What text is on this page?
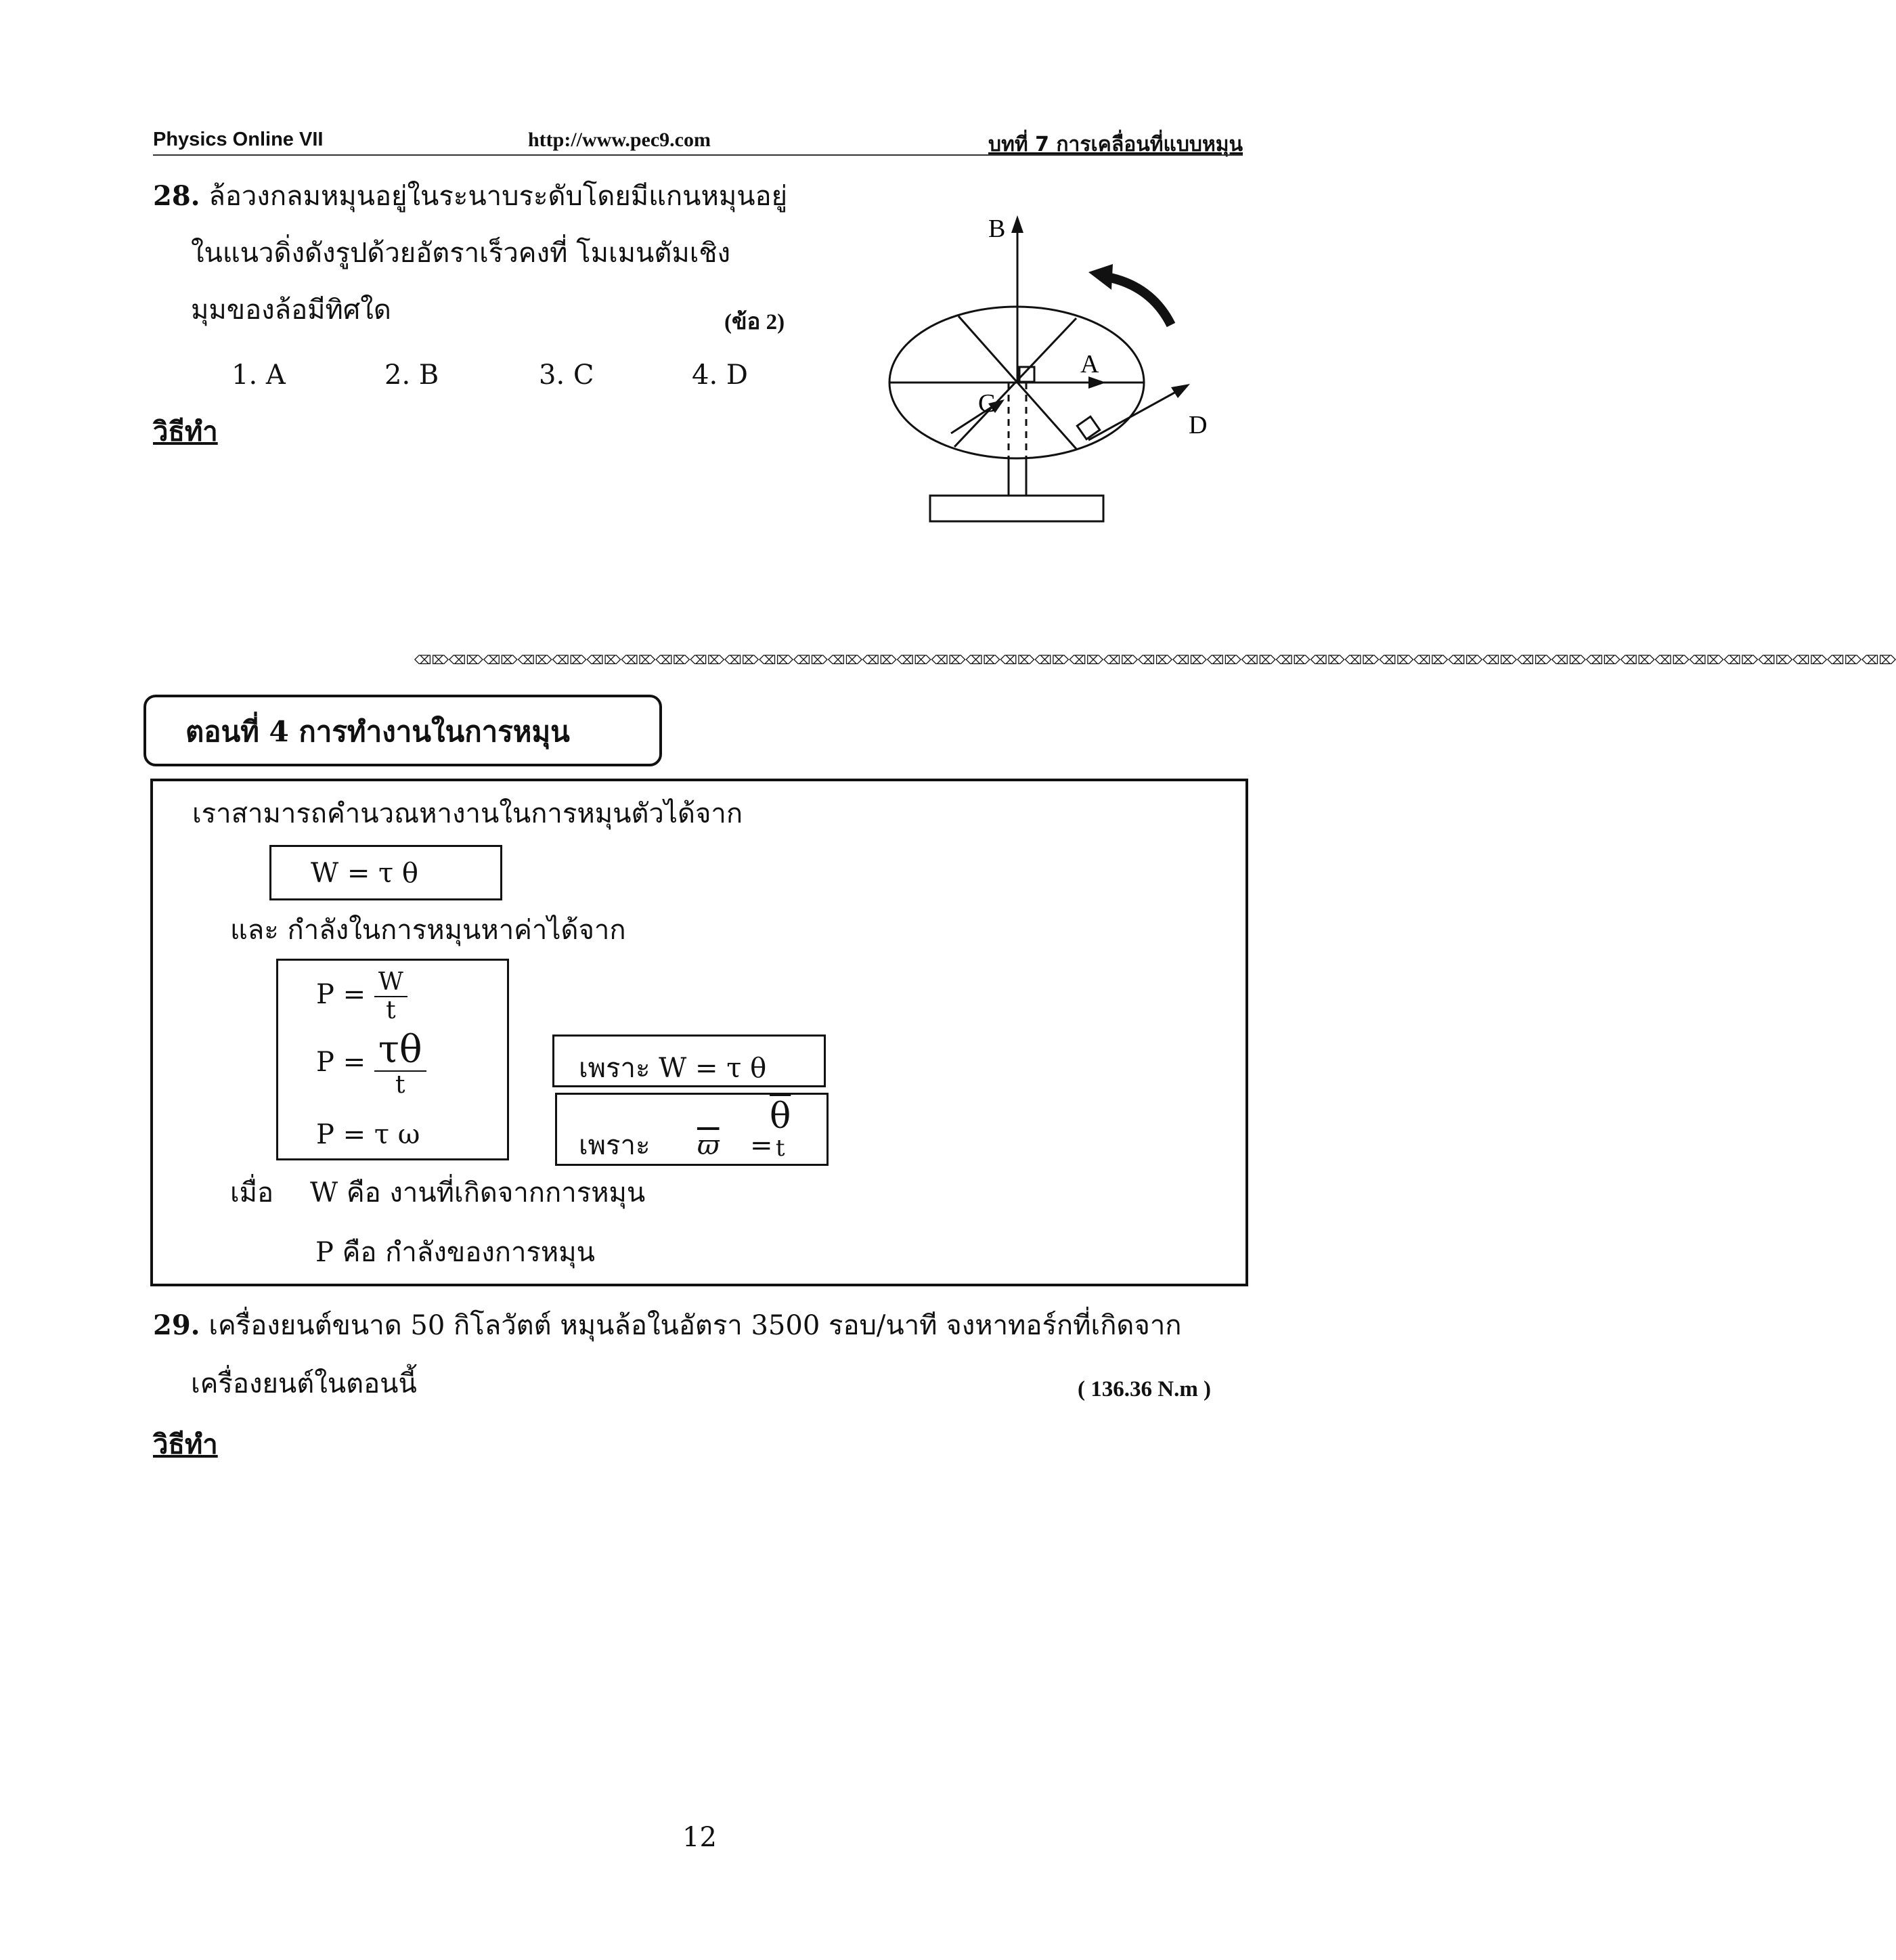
Physics Online VII	http://www.pec9.com	บทที่ 7 การเคลื่อนที่แบบหมุน
28. ล้อวงกลมหมุนอยู่ในระนาบระดับโดยมีแกนหมุนอยู่
ในแนวดิ่งดังรูปด้วยอัตราเร็วคงที่ โมเมนตัมเชิง
มุมของล้อมีทิศใด	(ข้อ 2)
1. A	2. B	3. C	4. D
วิธีทำ
B
A
C
D
⌫⌦⌫⌦⌫⌦⌫⌦⌫⌦⌫⌦⌫⌦⌫⌦⌫⌦⌫⌦⌫⌦⌫⌦⌫⌦⌫⌦⌫⌦⌫⌦⌫⌦⌫⌦⌫⌦⌫⌦⌫⌦⌫⌦⌫⌦⌫⌦⌫⌦⌫⌦⌫⌦⌫⌦⌫⌦⌫⌦⌫⌦⌫⌦⌫⌦⌫⌦⌫⌦⌫⌦⌫⌦⌫⌦⌫⌦⌫⌦⌫⌦⌫⌦⌫⌦
ตอนที่ 4 การทำงานในการหมุน
เราสามารถคำนวณหางานในการหมุนตัวได้จาก
W = τ θ
และ กำลังในการหมุนหาค่าได้จาก
$P = \frac{W}{t}$
$P = \frac{\tau\theta}{t}$
P = τ ω
เพราะ W = τ θ
เพราะ $\overline{ϖ}$ =
$\overline{\theta}$
t
เมื่อ W คือ งานที่เกิดจากการหมุน
P คือ กำลังของการหมุน
29. เครื่องยนต์ขนาด 50 กิโลวัตต์ หมุนล้อในอัตรา 3500 รอบ/นาที จงหาทอร์กที่เกิดจาก
เครื่องยนต์ในตอนนี้	( 136.36 N.m )
วิธีทำ
12
